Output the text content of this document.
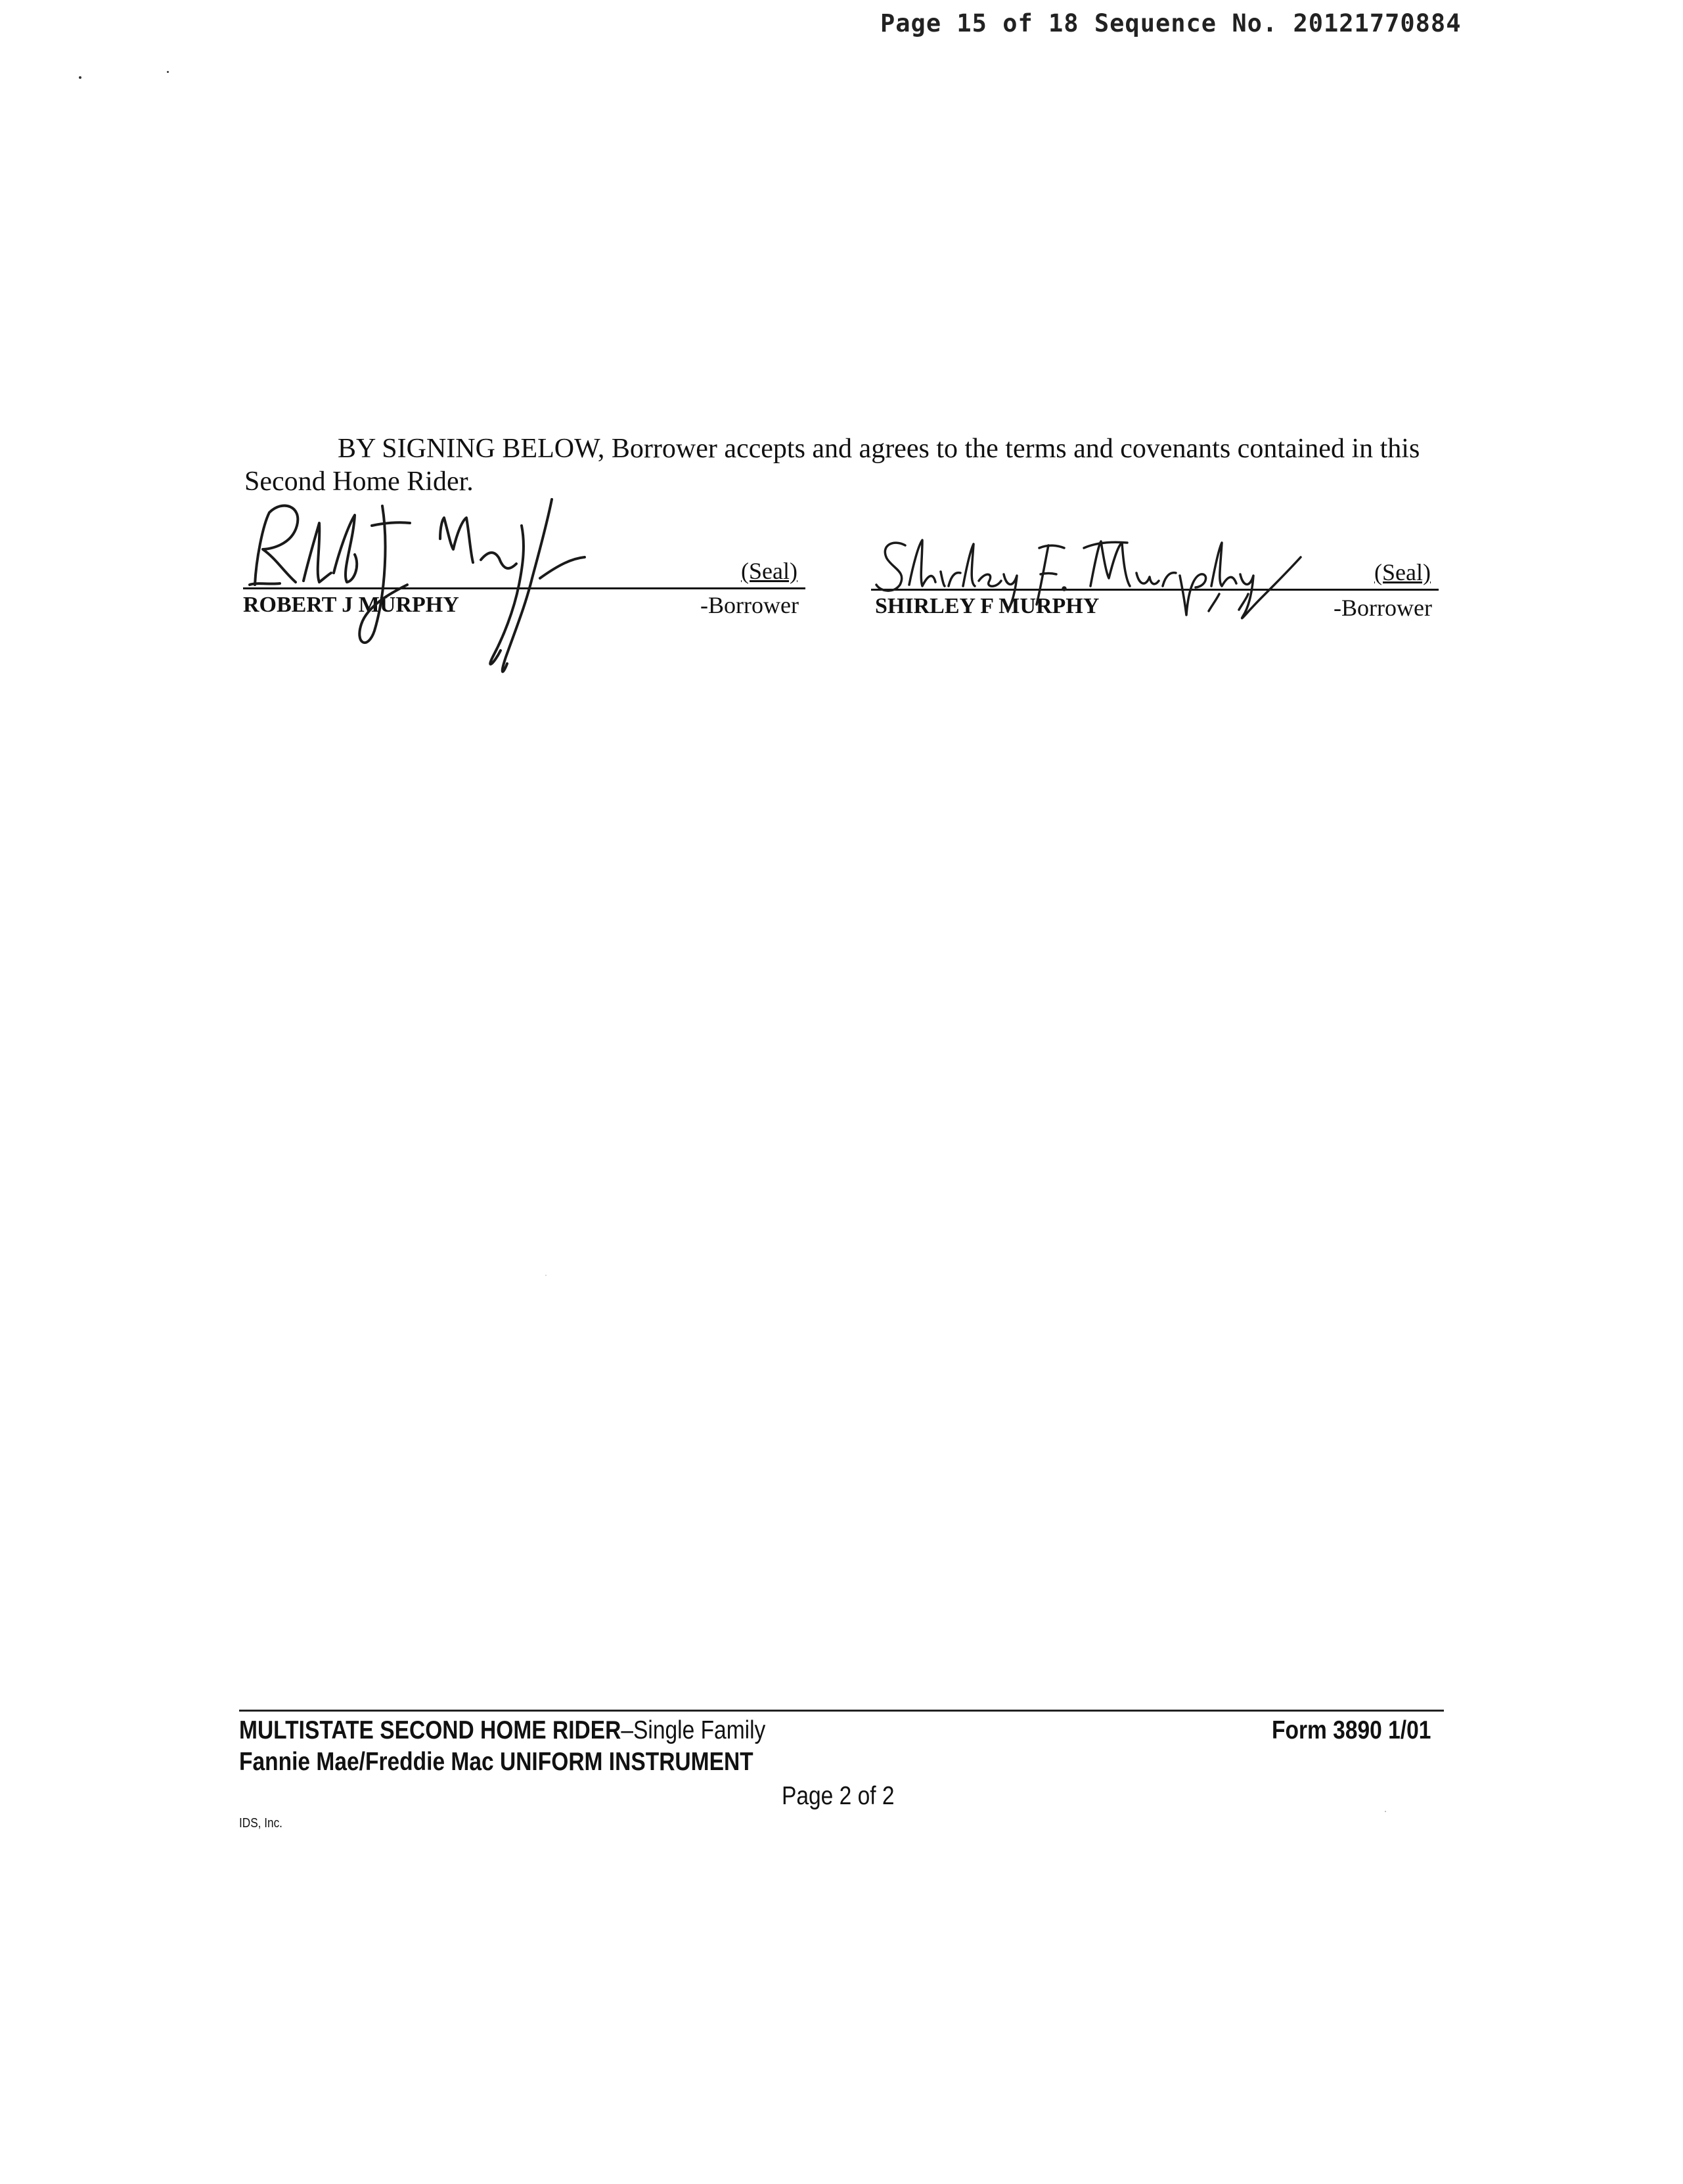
Page 15 of 18 Sequence No. 20121770884
BY SIGNING BELOW, Borrower accepts and agrees to the terms and covenants contained in this
Second Home Rider.
(Seal)
ROBERT J MURPHY	-Borrower
(Seal)
SHIRLEY F MURPHY	-Borrower
MULTISTATE SECOND HOME RIDER–Single Family
Fannie Mae/Freddie Mac UNIFORM INSTRUMENT
Form 3890 1/01
Page 2 of 2
IDS, Inc.
